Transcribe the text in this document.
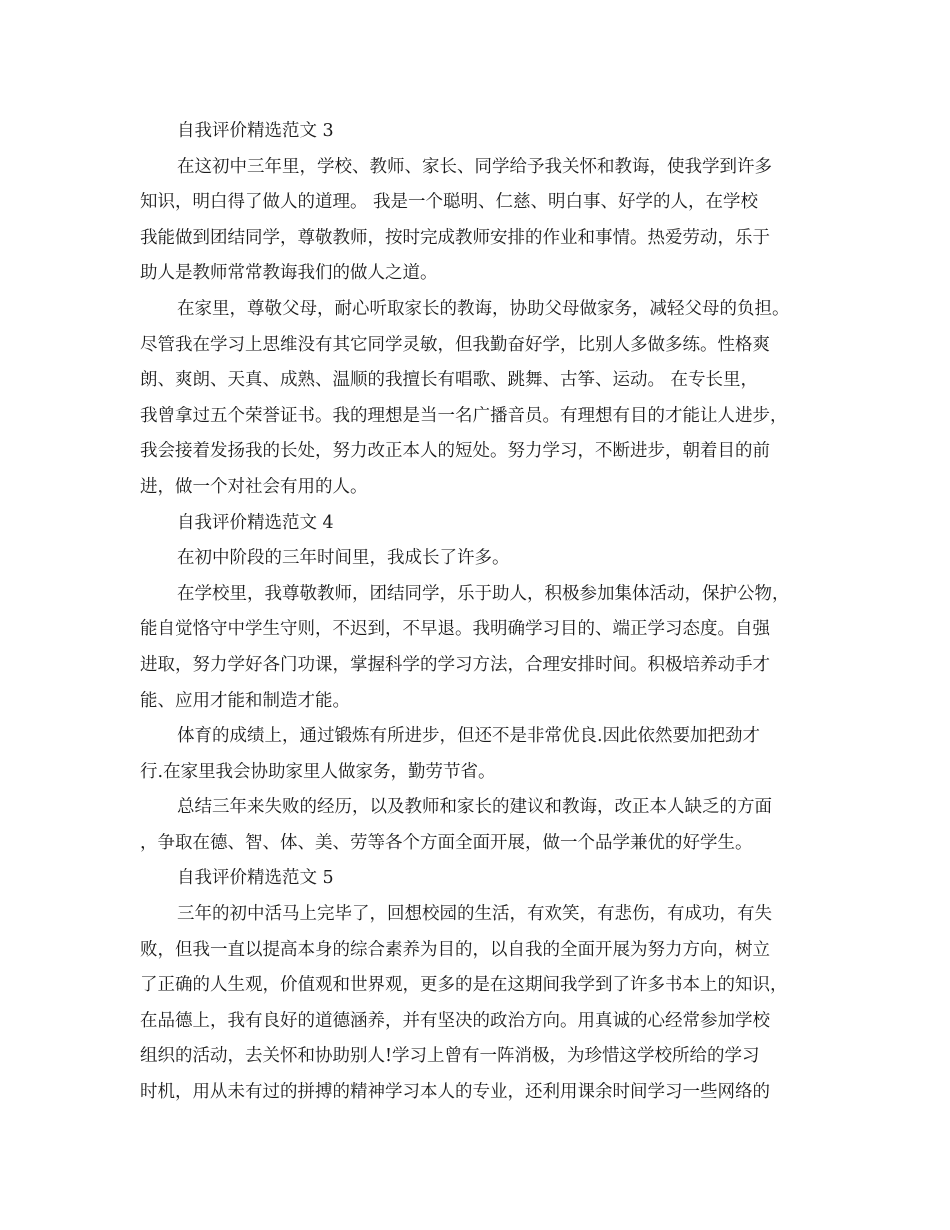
自我评价精选范文 3
在这初中三年里，学校、教师、家长、同学给予我关怀和教诲，使我学到许多
知识，明白得了做人的道理。 我是一个聪明、仁慈、明白事、好学的人，在学校
我能做到团结同学，尊敬教师，按时完成教师安排的作业和事情。热爱劳动，乐于
助人是教师常常教诲我们的做人之道。
在家里，尊敬父母，耐心听取家长的教诲，协助父母做家务，减轻父母的负担。
尽管我在学习上思维没有其它同学灵敏，但我勤奋好学，比别人多做多练。性格爽
朗、爽朗、天真、成熟、温顺的我擅长有唱歌、跳舞、古筝、运动。 在专长里，
我曾拿过五个荣誉证书。我的理想是当一名广播音员。有理想有目的才能让人进步，
我会接着发扬我的长处，努力改正本人的短处。努力学习，不断进步，朝着目的前
进，做一个对社会有用的人。
自我评价精选范文 4
在初中阶段的三年时间里，我成长了许多。
在学校里，我尊敬教师，团结同学，乐于助人，积极参加集体活动，保护公物，
能自觉恪守中学生守则，不迟到，不早退。我明确学习目的、端正学习态度。自强
进取，努力学好各门功课，掌握科学的学习方法，合理安排时间。积极培养动手才
能、应用才能和制造才能。
体育的成绩上，通过锻炼有所进步，但还不是非常优良.因此依然要加把劲才
行.在家里我会协助家里人做家务，勤劳节省。
总结三年来失败的经历，以及教师和家长的建议和教诲，改正本人缺乏的方面
，争取在德、智、体、美、劳等各个方面全面开展，做一个品学兼优的好学生。
自我评价精选范文 5
三年的初中活马上完毕了，回想校园的生活，有欢笑，有悲伤，有成功，有失
败，但我一直以提高本身的综合素养为目的，以自我的全面开展为努力方向，树立
了正确的人生观，价值观和世界观，更多的是在这期间我学到了许多书本上的知识，
在品德上，我有良好的道德涵养，并有坚决的政治方向。用真诚的心经常参加学校
组织的活动，去关怀和协助别人!学习上曾有一阵消极，为珍惜这学校所给的学习
时机，用从未有过的拼搏的精神学习本人的专业，还利用课余时间学习一些网络的
